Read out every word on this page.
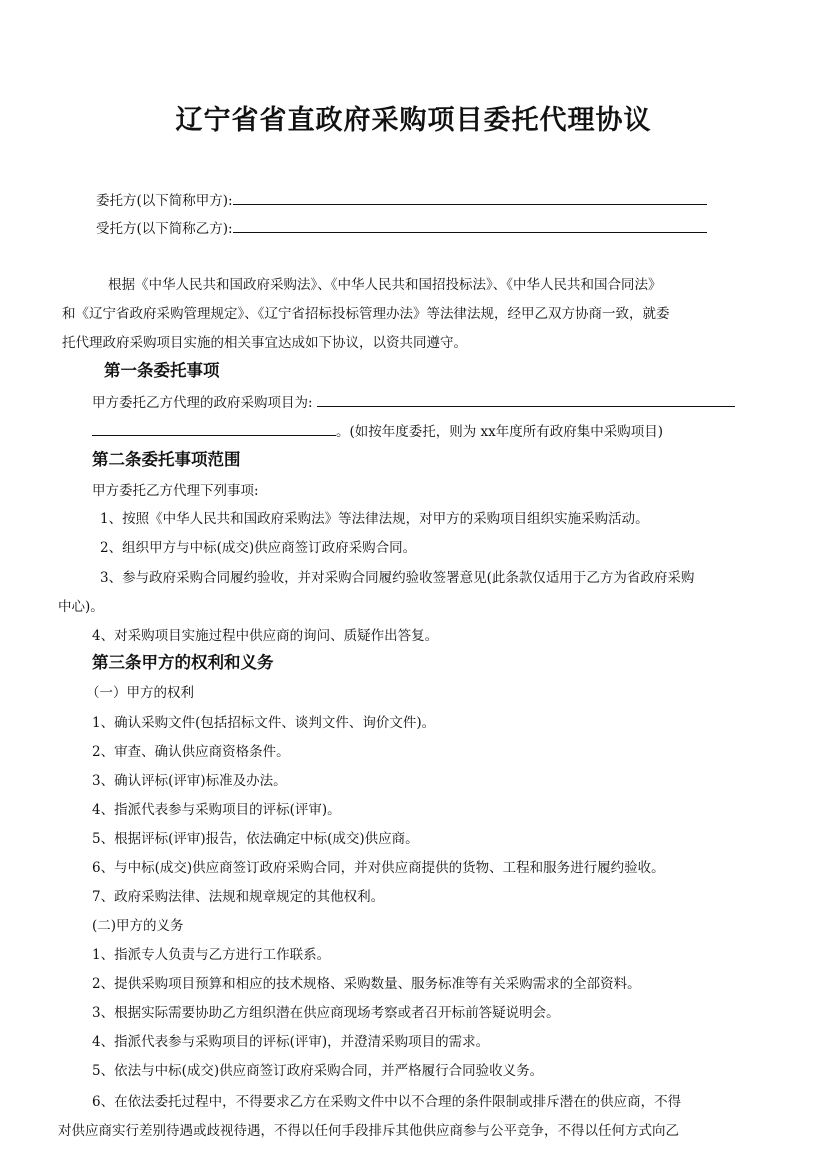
辽宁省省直政府采购项目委托代理协议
委托方(以下简称甲方):
受托方(以下简称乙方):
根据《中华人民共和国政府采购法》、《中华人民共和国招投标法》、《中华人民共和国合同法》
和《辽宁省政府采购管理规定》、《辽宁省招标投标管理办法》等法律法规，经甲乙双方协商一致，就委
托代理政府采购项目实施的相关事宜达成如下协议，以资共同遵守。
第一条委托事项
甲方委托乙方代理的政府采购项目为:
。(如按年度委托，则为 xx年度所有政府集中采购项目)
第二条委托事项范围
甲方委托乙方代理下列事项:
1、按照《中华人民共和国政府采购法》等法律法规，对甲方的采购项目组织实施采购活动。
2、组织甲方与中标(成交)供应商签订政府采购合同。
3、参与政府采购合同履约验收，并对采购合同履约验收签署意见(此条款仅适用于乙方为省政府采购
中心)。
4、对采购项目实施过程中供应商的询问、质疑作出答复。
第三条甲方的权利和义务
（一）甲方的权利
1、确认采购文件(包括招标文件、谈判文件、询价文件)。
2、审查、确认供应商资格条件。
3、确认评标(评审)标准及办法。
4、指派代表参与采购项目的评标(评审)。
5、根据评标(评审)报告，依法确定中标(成交)供应商。
6、与中标(成交)供应商签订政府采购合同，并对供应商提供的货物、工程和服务进行履约验收。
7、政府采购法律、法规和规章规定的其他权利。
(二)甲方的义务
1、指派专人负责与乙方进行工作联系。
2、提供采购项目预算和相应的技术规格、采购数量、服务标准等有关采购需求的全部资料。
3、根据实际需要协助乙方组织潜在供应商现场考察或者召开标前答疑说明会。
4、指派代表参与采购项目的评标(评审)，并澄清采购项目的需求。
5、依法与中标(成交)供应商签订政府采购合同，并严格履行合同验收义务。
6、在依法委托过程中，不得要求乙方在采购文件中以不合理的条件限制或排斥潜在的供应商，不得
对供应商实行差别待遇或歧视待遇，不得以任何手段排斥其他供应商参与公平竞争，不得以任何方式向乙
